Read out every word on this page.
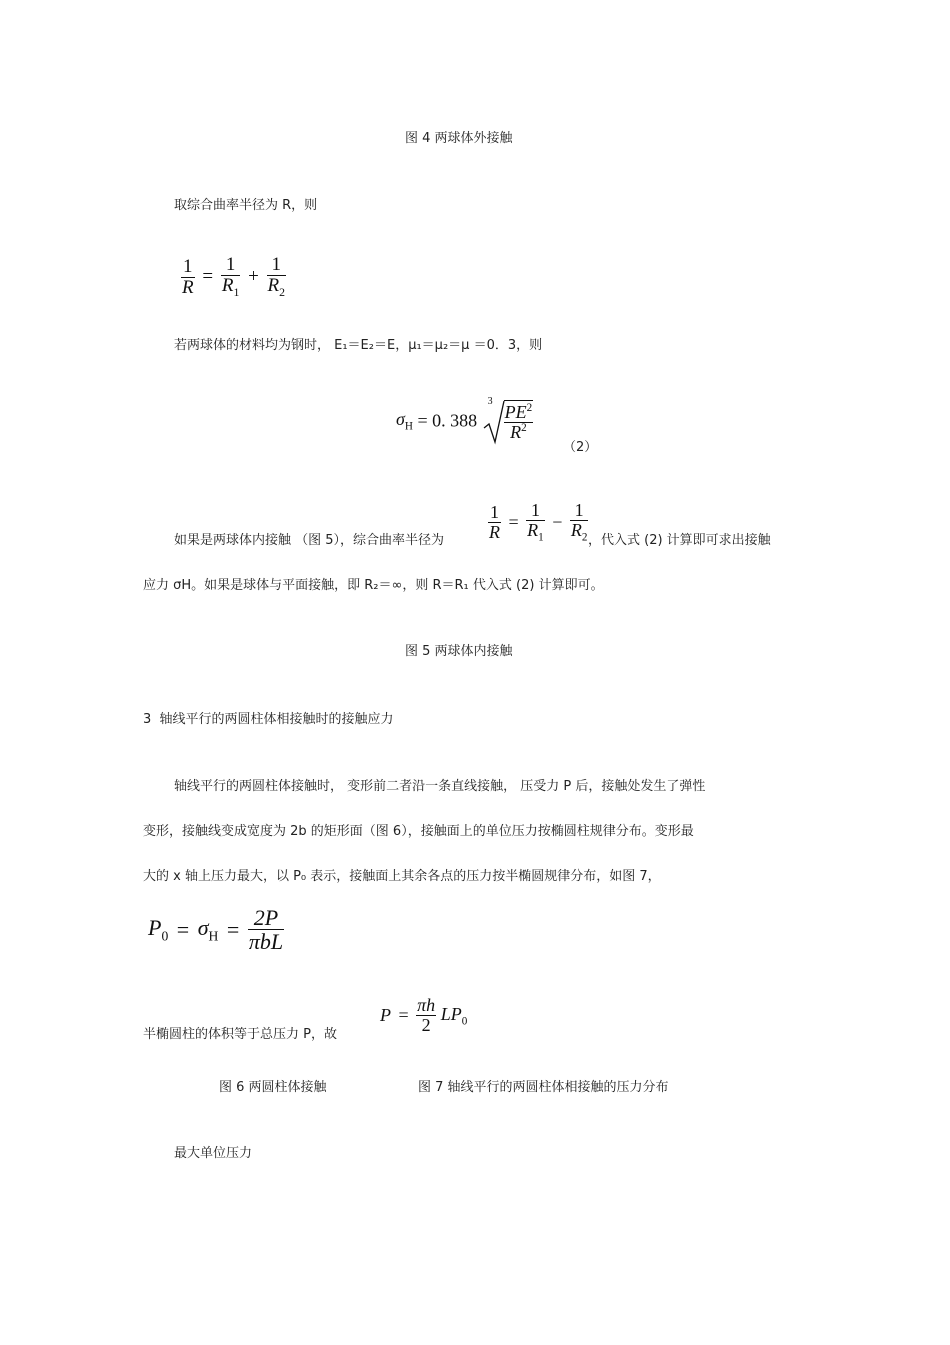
图 4 两球体外接触
取综合曲率半径为 R，则
$\frac{1}{R} = \frac{1}{R_1} + \frac{1}{R_2}$
若两球体的材料均为钢时， E₁＝E₂＝E，μ₁＝μ₂＝μ ＝0．3，则
$\sigma_H = 0$. 388
$3 \frac{PE^2}{R^2}$
（2）
$\frac{1}{R} = \frac{1}{R_1} - \frac{1}{R_2}$
如果是两球体内接触 （图 5），综合曲率半径为	，代入式 (2) 计算即可求出接触
应力 σH。如果是球体与平面接触，即 R₂＝∞，则 R＝R₁ 代入式 (2) 计算即可。
图 5 两球体内接触
3  轴线平行的两圆柱体相接触时的接触应力
轴线平行的两圆柱体接触时， 变形前二者沿一条直线接触， 压受力 P 后，接触处发生了弹性
变形，接触线变成宽度为 2b 的矩形面（图 6），接触面上的单位压力按椭圆柱规律分布。变形最
大的 x 轴上压力最大，以 P₀ 表示，接触面上其余各点的压力按半椭圆规律分布，如图 7，
$P_0 = \sigma_H = \frac{2P}{\text{πbL}}$
$P = \frac{\pi h}{2} LP_0$
半椭圆柱的体积等于总压力 P，故
图 6 两圆柱体接触	图 7 轴线平行的两圆柱体相接触的压力分布
最大单位压力
